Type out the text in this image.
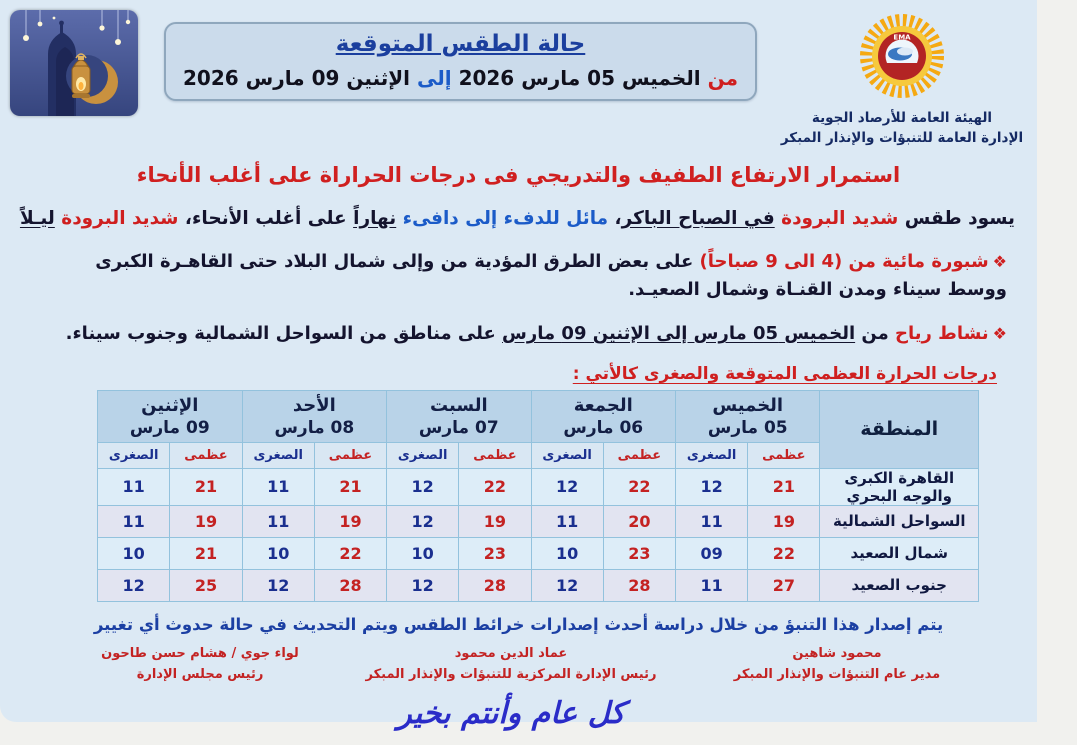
EMA
الهيئة العامة للأرصاد الجوية
الإدارة العامة للتنبؤات والإنذار المبكر
حالة الطقس المتوقعة
من الخميس 05 مارس 2026 إلى الإثنين 09 مارس 2026
استمرار الارتفاع الطفيف والتدريجي فى درجات الحراراة على أغلب الأنحاء
يسود طقس شديد البرودة في الصباح الباكر، مائل للدفء إلى دافىء نهاراً على أغلب الأنحاء، شديد البرودة ليـلاً
❖شبورة مائية من (4 الى 9 صباحاً) على بعض الطرق المؤدية من وإلى شمال البلاد حتى القاهـرة الكبرى ووسط سيناء ومدن القنـاة وشمال الصعيـد.
❖نشاط رياح من الخميس 05 مارس إلى الإثنين 09 مارس على مناطق من السواحل الشمالية وجنوب سيناء.
درجات الحرارة العظمى المتوقعة والصغرى كالأتي :
المنطقة	
الخميس
05 مارس

الجمعة
06 مارس

السبت
07 مارس

الأحد
08 مارس

الإثنين
09 مارس

	عظمى	الصغرى	عظمى	الصغرى	عظمى	الصغرى	عظمى	الصغرى	عظمى	الصغرى
القاهرة الكبرى والوجه البحري	21	12	22	12	22	12	21	11	21	11
السواحل الشمالية	19	11	20	11	19	12	19	11	19	11
شمال الصعيد	22	09	23	10	23	10	22	10	21	10
جنوب الصعيد	27	11	28	12	28	12	28	12	25	12
يتم إصدار هذا التنبؤ من خلال دراسة أحدث إصدارات خرائط الطقس ويتم التحديث في حالة حدوث أي تغيير
محمود شاهين
مدير عام التنبؤات والإنذار المبكر
عماد الدين محمود
رئيس الإدارة المركزية للتنبؤات والإنذار المبكر
كل عام وأنتم بخير
لواء جوي / هشام حسن طاحون
رئيس مجلس الإدارة
